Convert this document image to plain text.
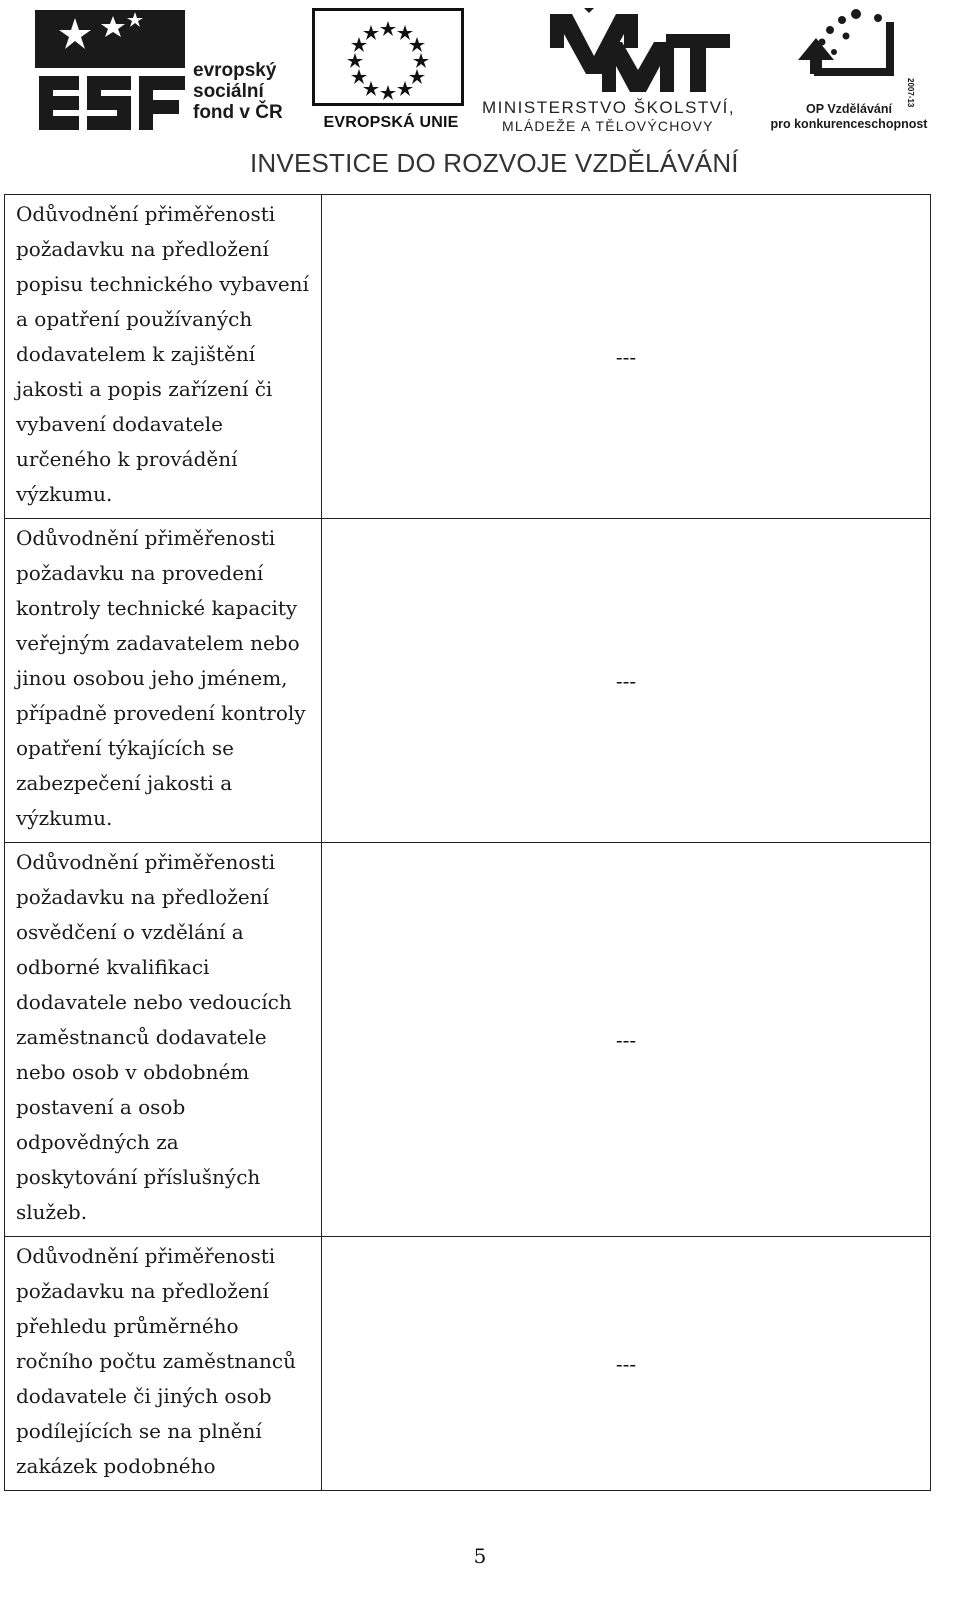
evropský
sociální
fond v ČR	EVROPSKÁ UNIE
MINISTERSTVO ŠKOLSTVÍ,
MLÁDEŽE A TĚLOVÝCHOVY
2007-13
OP Vzdělávání
pro konkurenceschopnost
INVESTICE DO ROZVOJE VZDĚLÁVÁNÍ
Odůvodnění přiměřenosti
požadavku na předložení
popisu technického vybavení
a opatření používaných
dodavatelem k zajištění
jakosti a popis zařízení či
vybavení dodavatele
určeného k provádění
výzkumu.
---
Odůvodnění přiměřenosti
požadavku na provedení
kontroly technické kapacity
veřejným zadavatelem nebo
jinou osobou jeho jménem,
případně provedení kontroly
opatření týkajících se
zabezpečení jakosti a
výzkumu.
---
Odůvodnění přiměřenosti
požadavku na předložení
osvědčení o vzdělání a
odborné kvalifikaci
dodavatele nebo vedoucích
zaměstnanců dodavatele
nebo osob v obdobném
postavení a osob
odpovědných za
poskytování příslušných
služeb.
---
Odůvodnění přiměřenosti
požadavku na předložení
přehledu průměrného
ročního počtu zaměstnanců
dodavatele či jiných osob
podílejících se na plnění
zakázek podobného
---
5
